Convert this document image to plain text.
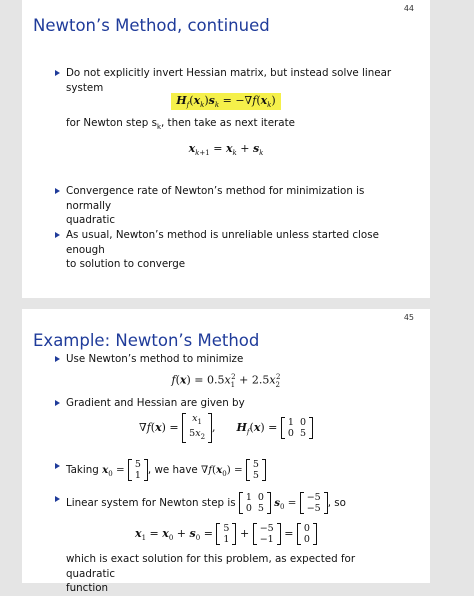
44
Newton’s Method, continued
Do not explicitly invert Hessian matrix, but instead solve linear
system
$H_f(x_k)s_k = -\nabla f(x_k)$
for Newton step $s_k$, then take as next iterate
$x_{k+1} = x_k + s_k$
Convergence rate of Newton’s method for minimization is normally
quadratic
As usual, Newton’s method is unreliable unless started close enough
to solution to converge
45
Example: Newton’s Method
Use Newton’s method to minimize
$f(x) = 0.5x_1^2 + 2.5x_2^2$
Gradient and Hessian are given by
∇f(x) =
$x_1$
$5x_2$
,      $H_f(x) = 1$	0
0	5
Taking $x_0 = 5$
1 , we have $\nabla f(x_0) = 5$
5
Linear system for Newton step is 1	0
0	5 $s_0 = -5$
−5 , so
$x_1 = x_0 + s_0 = 5$
1 + −5
−1 = 0
0
which is exact solution for this problem, as expected for quadratic
function
